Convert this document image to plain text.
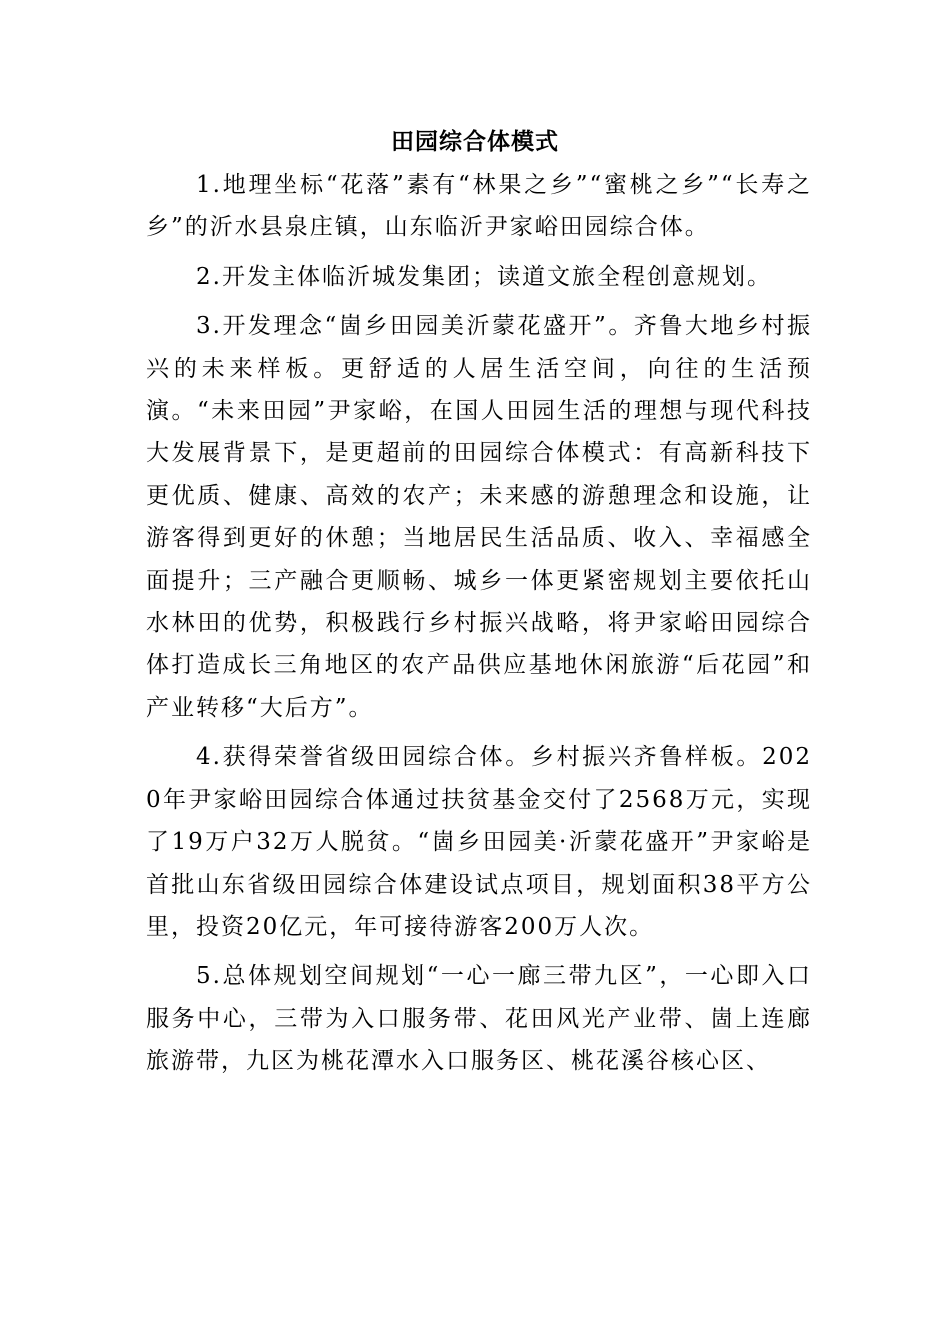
田园综合体模式

1.地理坐标“花落”素有“林果之乡”“蜜桃之乡”“长寿之乡”的沂水县泉庄镇，山东临沂尹家峪田园综合体。

2.开发主体临沂城发集团；读道文旅全程创意规划。

3.开发理念“崮乡田园美沂蒙花盛开”。齐鲁大地乡村振兴的未来样板。更舒适的人居生活空间，向往的生活预演。“未来田园”尹家峪，在国人田园生活的理想与现代科技大发展背景下，是更超前的田园综合体模式：有高新科技下更优质、健康、高效的农产；未来感的游憩理念和设施，让游客得到更好的休憩；当地居民生活品质、收入、幸福感全面提升；三产融合更顺畅、城乡一体更紧密规划主要依托山水林田的优势，积极践行乡村振兴战略，将尹家峪田园综合体打造成长三角地区的农产品供应基地休闲旅游“后花园”和产业转移“大后方”。

4.获得荣誉省级田园综合体。乡村振兴齐鲁样板。2020年尹家峪田园综合体通过扶贫基金交付了2568万元，实现了19万户32万人脱贫。“崮乡田园美·沂蒙花盛开”尹家峪是首批山东省级田园综合体建设试点项目，规划面积38平方公里，投资20亿元，年可接待游客200万人次。

5.总体规划空间规划“一心一廊三带九区”，一心即入口服务中心，三带为入口服务带、花田风光产业带、崮上连廊旅游带，九区为桃花潭水入口服务区、桃花溪谷核心区、
